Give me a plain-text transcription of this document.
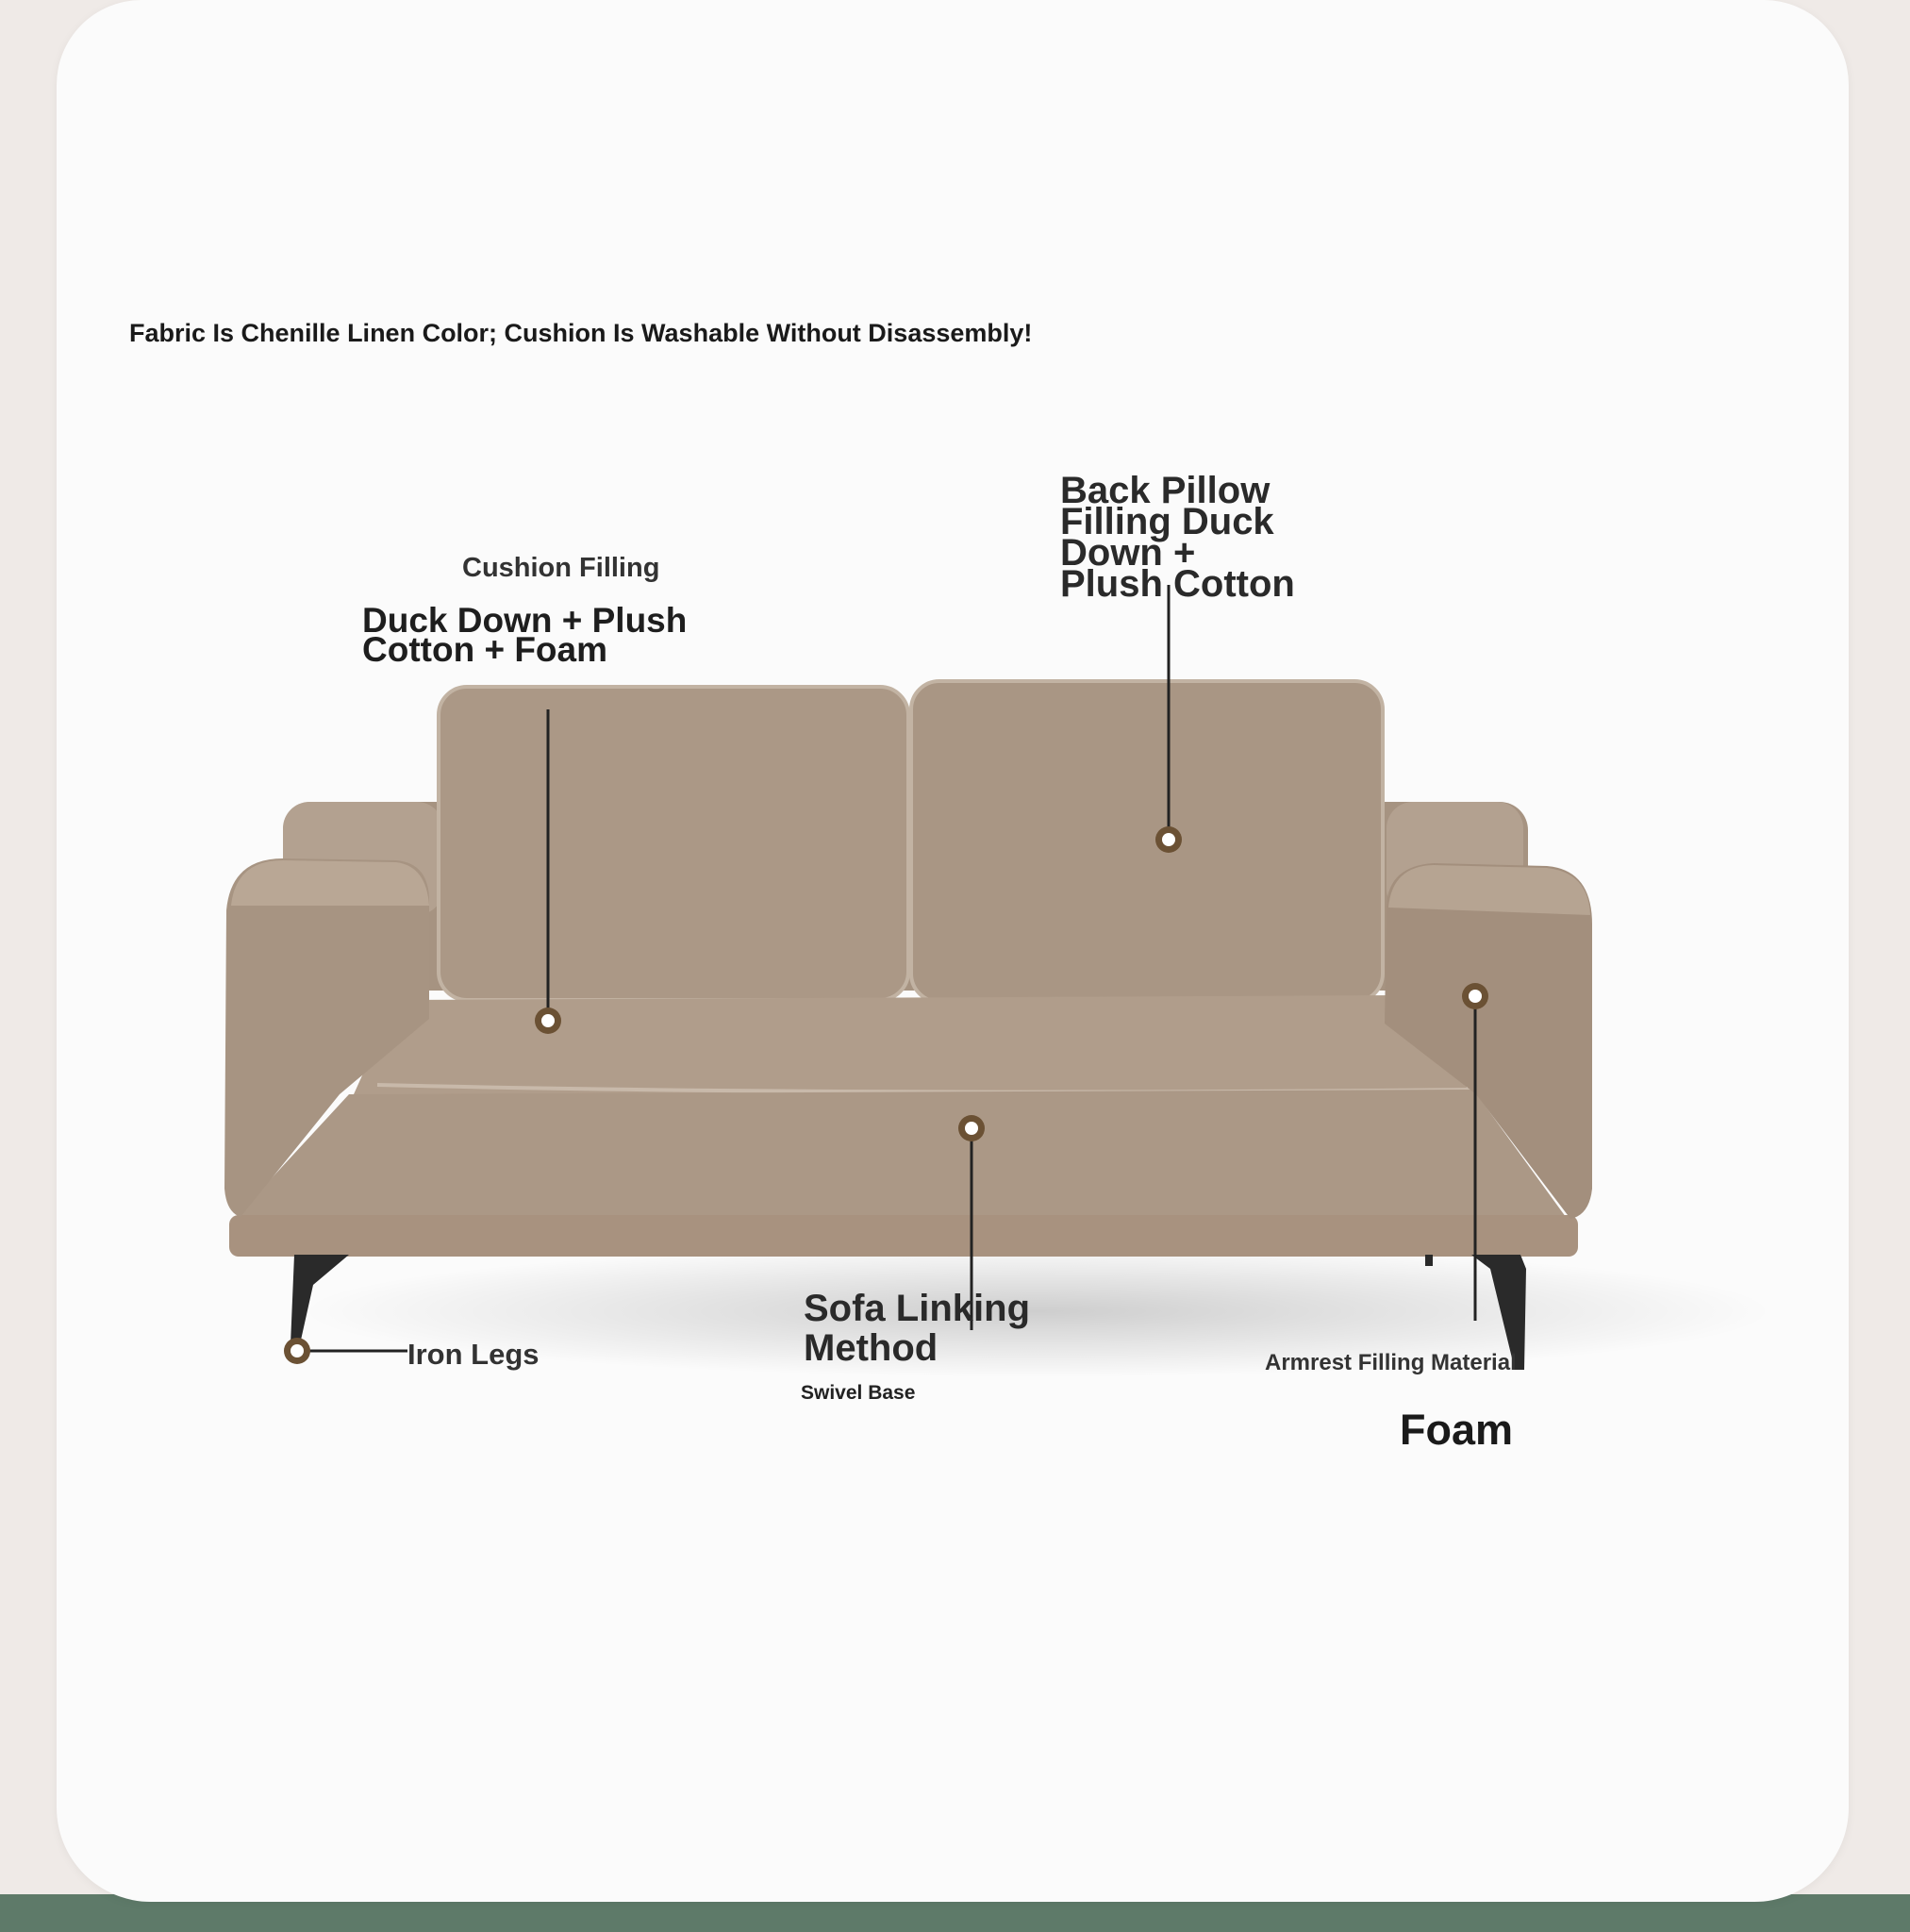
Fabric Is Chenille Linen Color; Cushion Is Washable Without Disassembly!
Cushion Filling
Duck Down + Plush Cotton + Foam
Back Pillow Filling Duck Down + Plush Cotton
Iron Legs
Sofa Linking Method
Swivel Base
Armrest Filling Material
Foam
